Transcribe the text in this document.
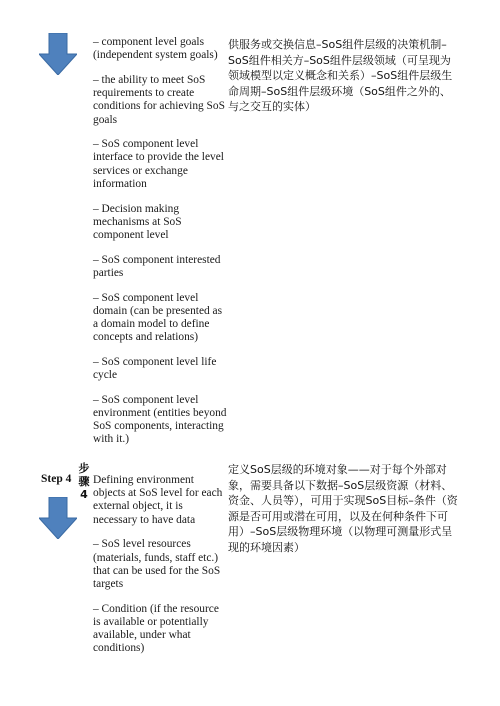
– component level goals (independent system goals)

– the ability to meet SoS requirements to create conditions for achieving SoS goals

– SoS component level interface to provide the level services or exchange information

– Decision making mechanisms at SoS component level

– SoS component interested parties

– SoS component level domain (can be presented as a domain model to define concepts and relations)

– SoS component level life cycle

– SoS component level environment (entities beyond SoS components, interacting with it.)

供服务或交换信息–SoS组件层级的决策机制–SoS组件相关方–SoS组件层级领域（可呈现为领域模型以定义概念和关系）–SoS组件层级生命周期–SoS组件层级环境（SoS组件之外的、与之交互的实体）
Step 4
步骤4

Defining environment objects at SoS level for each external object, it is necessary to have data

– SoS level resources (materials, funds, staff etc.) that can be used for the SoS targets

– Condition (if the resource is available or potentially available, under what conditions)

定义SoS层级的环境对象——对于每个外部对象，需要具备以下数据–SoS层级资源（材料、资金、人员等），可用于实现SoS目标–条件（资源是否可用或潜在可用，以及在何种条件下可用）–SoS层级物理环境（以物理可测量形式呈现的环境因素）
